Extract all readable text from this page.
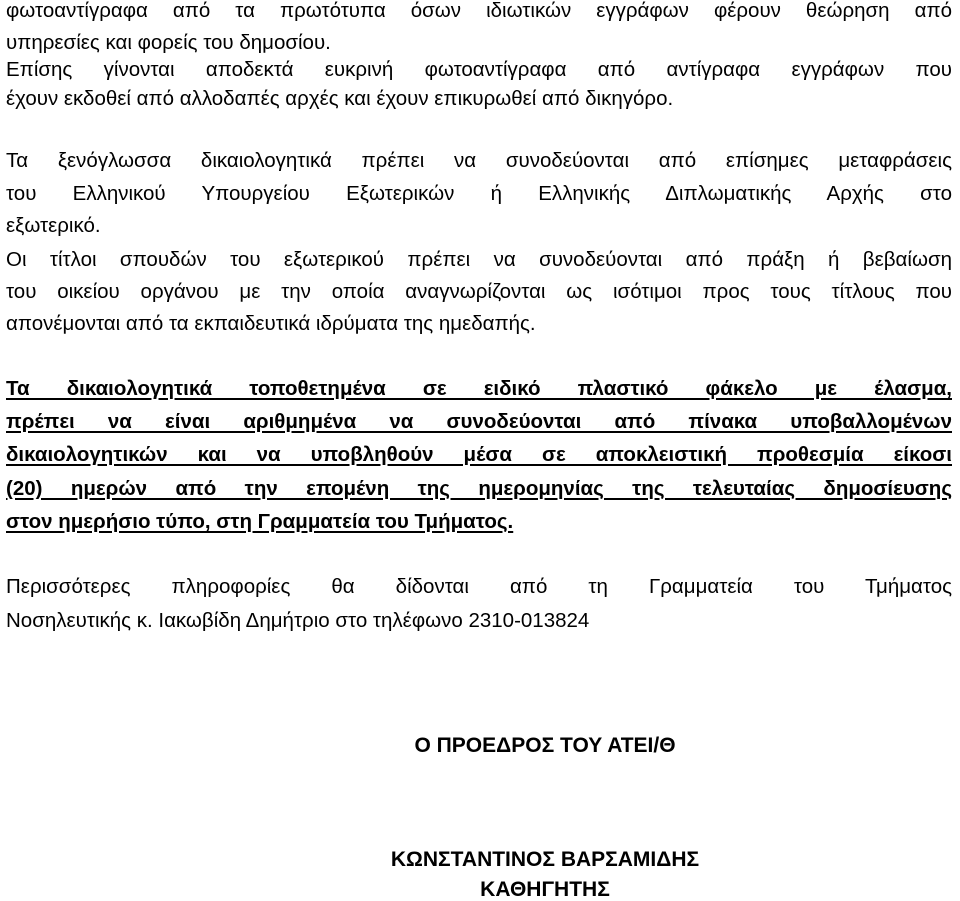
φωτοαντίγραφα από τα πρωτότυπα όσων ιδιωτικών εγγράφων φέρουν θεώρηση από
υπηρεσίες και φορείς του δημοσίου.
Επίσης γίνονται αποδεκτά ευκρινή φωτοαντίγραφα από αντίγραφα εγγράφων που
έχουν εκδοθεί από αλλοδαπές αρχές και έχουν επικυρωθεί από δικηγόρο.
Τα ξενόγλωσσα δικαιολογητικά πρέπει να συνοδεύονται από επίσημες μεταφράσεις
του Ελληνικού Υπουργείου Εξωτερικών ή Ελληνικής Διπλωματικής Αρχής στο
εξωτερικό.
Οι τίτλοι σπουδών του εξωτερικού πρέπει να συνοδεύονται από πράξη ή βεβαίωση
του οικείου οργάνου με την οποία αναγνωρίζονται ως ισότιμοι προς τους τίτλους που
απονέμονται από τα εκπαιδευτικά ιδρύματα της ημεδαπής.
Τα δικαιολογητικά τοποθετημένα σε ειδικό πλαστικό φάκελο με έλασμα,
πρέπει να είναι αριθμημένα να συνοδεύονται από πίνακα υποβαλλομένων
δικαιολογητικών και να υποβληθούν μέσα σε αποκλειστική προθεσμία είκοσι
(20) ημερών από την επομένη της ημερομηνίας της τελευταίας δημοσίευσης
στον ημερήσιο τύπο, στη Γραμματεία του Τμήματος.
Περισσότερες πληροφορίες θα δίδονται από τη Γραμματεία του Τμήματος
Νοσηλευτικής κ. Ιακωβίδη Δημήτριο στο τηλέφωνο 2310-013824
Ο ΠΡΟΕΔΡΟΣ ΤΟΥ ΑΤΕΙ/Θ
ΚΩΝΣΤΑΝΤΙΝΟΣ ΒΑΡΣΑΜΙΔΗΣ
ΚΑΘΗΓΗΤΗΣ
